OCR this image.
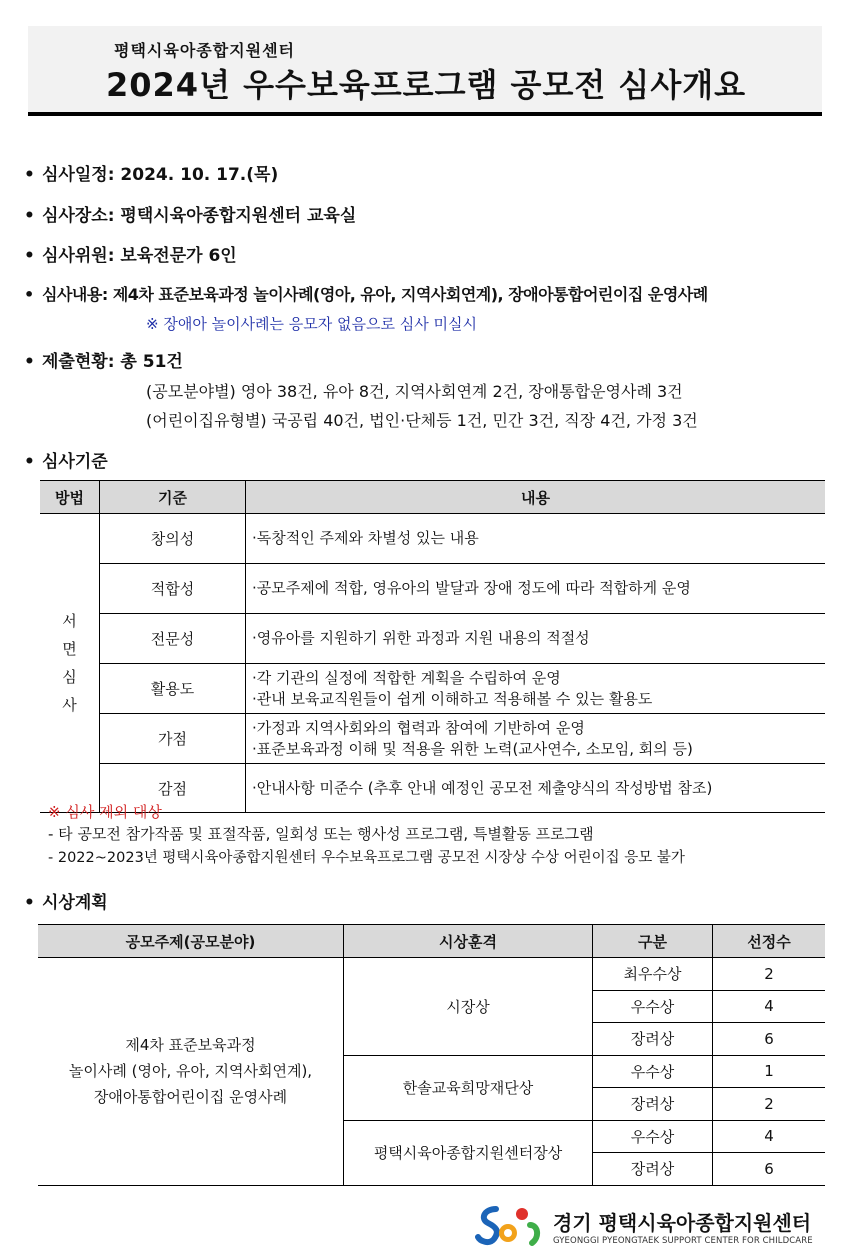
평택시육아종합지원센터
2024년 우수보육프로그램 공모전 심사개요
• 심사일정: 2024. 10. 17.(목)
• 심사장소: 평택시육아종합지원센터 교육실
• 심사위원: 보육전문가 6인
• 심사내용: 제4차 표준보육과정 놀이사례(영아, 유아, 지역사회연계), 장애아통합어린이집 운영사례
※ 장애아 놀이사례는 응모자 없음으로 심사 미실시
• 제출현황: 총 51건
(공모분야별) 영아 38건, 유아 8건, 지역사회연계 2건, 장애통합운영사례 3건
(어린이집유형별) 국공립 40건, 법인·단체등 1건, 민간 3건, 직장 4건, 가정 3건
• 심사기준
방법	기준	내용

서
면
심
사	창의성	·독창적인 주제와 차별성 있는 내용

	적합성	·공모주제에 적합, 영유아의 발달과 장애 정도에 따라 적합하게 운영

	전문성	·영유아를 지원하기 위한 과정과 지원 내용의 적절성

	활용도	·각 기관의 실정에 적합한 계획을 수립하여 운영
·관내 보육교직원들이 쉽게 이해하고 적용해볼 수 있는 활용도

	가점	·가정과 지역사회와의 협력과 참여에 기반하여 운영
·표준보육과정 이해 및 적용을 위한 노력(교사연수, 소모임, 회의 등)

	감점	·안내사항 미준수 (추후 안내 예정인 공모전 제출양식의 작성방법 참조)
※ 심사 제외 대상
- 타 공모전 참가작품 및 표절작품, 일회성 또는 행사성 프로그램, 특별활동 프로그램
- 2022~2023년 평택시육아종합지원센터 우수보육프로그램 공모전 시장상 수상 어린이집 응모 불가
• 시상계획
공모주제(공모분야)	시상훈격	구분	선정수

제4차 표준보육과정
놀이사례 (영아, 유아, 지역사회연계),
장애아통합어린이집 운영사례	시장상	최우수상	2
		우수상	4
		장려상	6
	한솔교육희망재단상	우수상	1
		장려상	2
	평택시육아종합지원센터장상	우수상	4
		장려상	6
경기 평택시육아종합지원센터
GYEONGGI PYEONGTAEK SUPPORT CENTER FOR CHILDCARE
